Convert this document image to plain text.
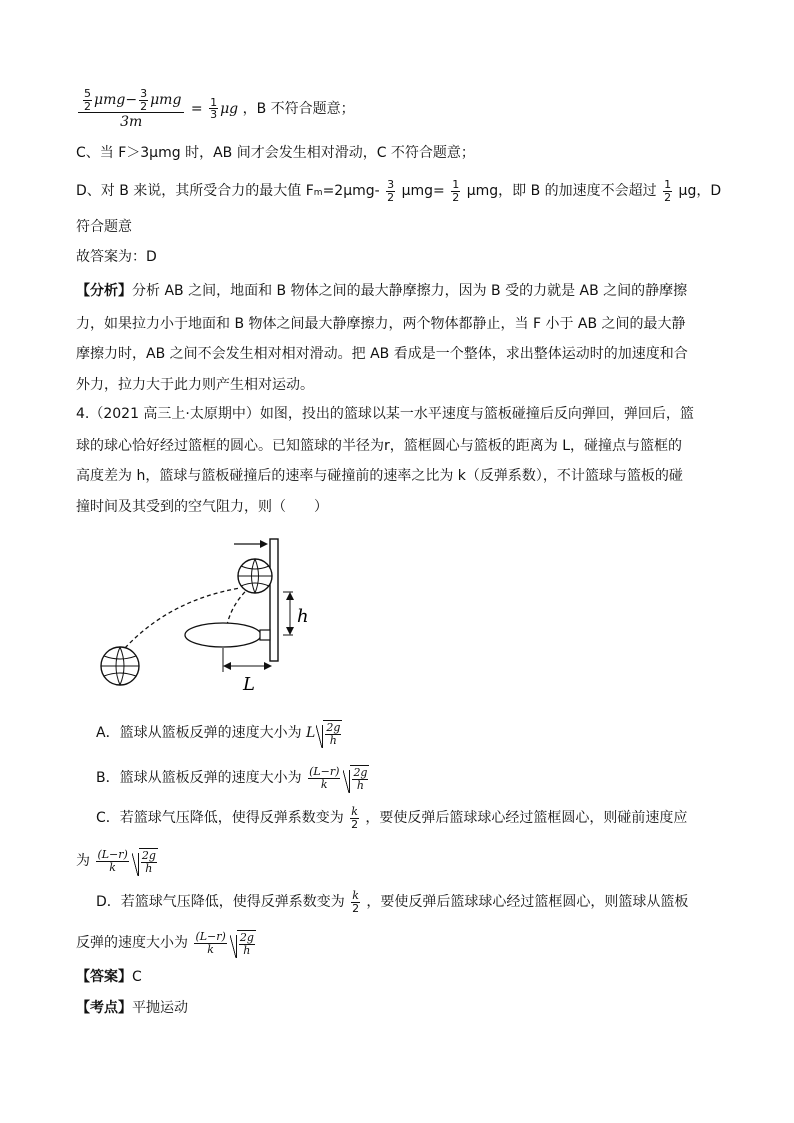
$\frac{\frac{5}{2} \mu mg- \frac{3}{2} \mu mg}{3m} = \frac{1}{3}$ μg ，B 不符合题意；
C、当 F＞3μmg 时，AB 间才会发生相对滑动，C 不符合题意；
D、对 B 来说，其所受合力的最大值 $Fm=2\mu mg- \frac{3}{2} \mu mg= \frac{1}{2}$ μmg，即 B 的加速度不会超过 $\frac{1}{2}$ μg，D
符合题意
故答案为：D
【分析】分析 AB 之间，地面和 B 物体之间的最大静摩擦力，因为 B 受的力就是 AB 之间的静摩擦
力，如果拉力小于地面和 B 物体之间最大静摩擦力，两个物体都静止，当 F 小于 AB 之间的最大静
摩擦力时，AB 之间不会发生相对相对滑动。把 AB 看成是一个整体，求出整体运动时的加速度和合
外力，拉力大于此力则产生相对运动。
4.（2021 高三上·太原期中）如图，投出的篮球以某一水平速度与篮板碰撞后反向弹回，弹回后，篮
球的球心恰好经过篮框的圆心。已知篮球的半径为r，篮框圆心与篮板的距离为 L，碰撞点与篮框的
高度差为 h，篮球与篮板碰撞后的速率与碰撞前的速率之比为 k（反弹系数），不计篮球与篮板的碰
撞时间及其受到的空气阻力，则（　　）
h
L
A．篮球从篮板反弹的速度大小为 L $\frac{2g}{h}$
B．篮球从篮板反弹的速度大小为 $\frac{(L-r)}{k} \frac{2g}{h}$
C．若篮球气压降低，使得反弹系数变为 $\frac{k}{2}$ ，要使反弹后篮球球心经过篮框圆心，则碰前速度应
为 $\frac{(L-r)}{k} \frac{2g}{h}$
D．若篮球气压降低，使得反弹系数变为 $\frac{k}{2}$ ，要使反弹后篮球球心经过篮框圆心，则篮球从篮板
反弹的速度大小为 $\frac{(L-r)}{k} \frac{2g}{h}$
【答案】C
【考点】平抛运动
